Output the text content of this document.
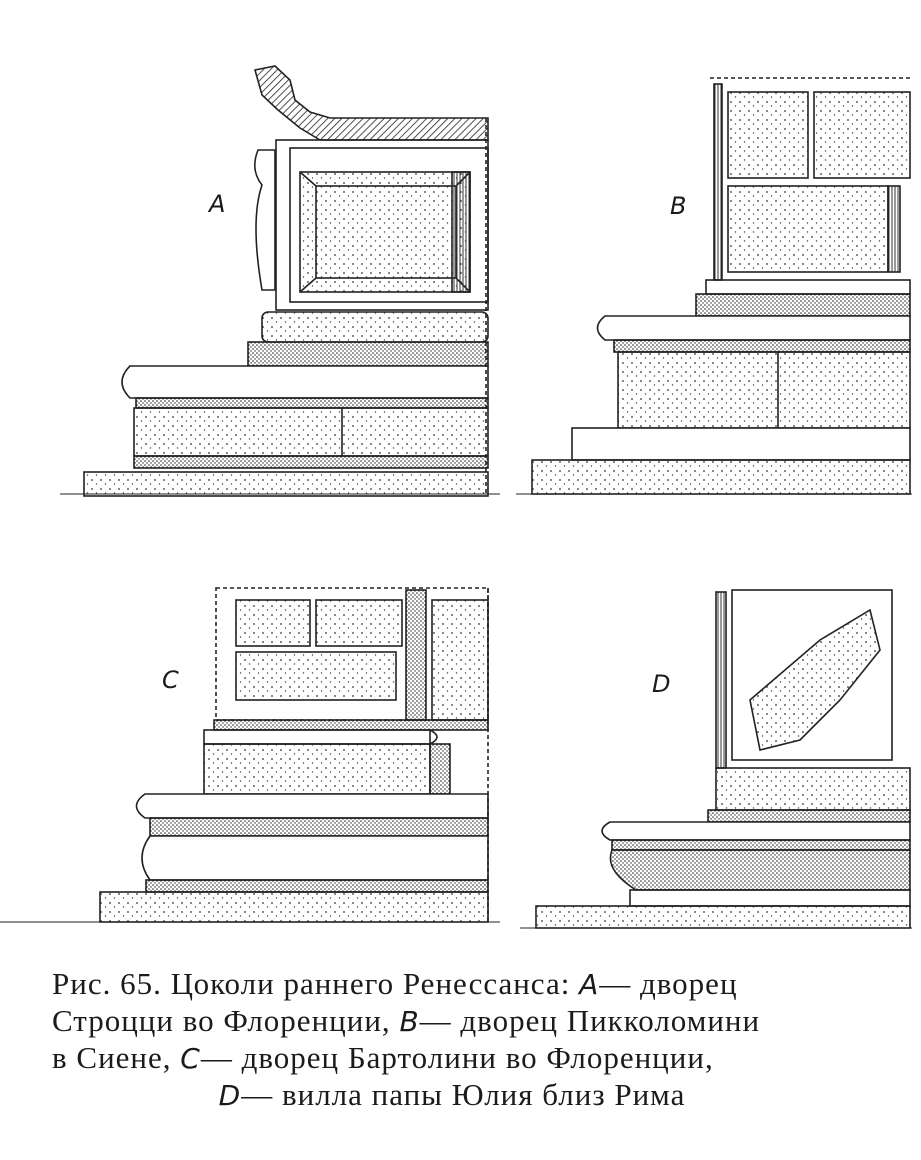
A	B
C	D
Рис. 65. Цоколи раннего Ренессанса: A— дворец
Строцци во Флоренции, B— дворец Пикколомини
в Сиене, C— дворец Бартолини во Флоренции,
D— вилла папы Юлия близ Рима
